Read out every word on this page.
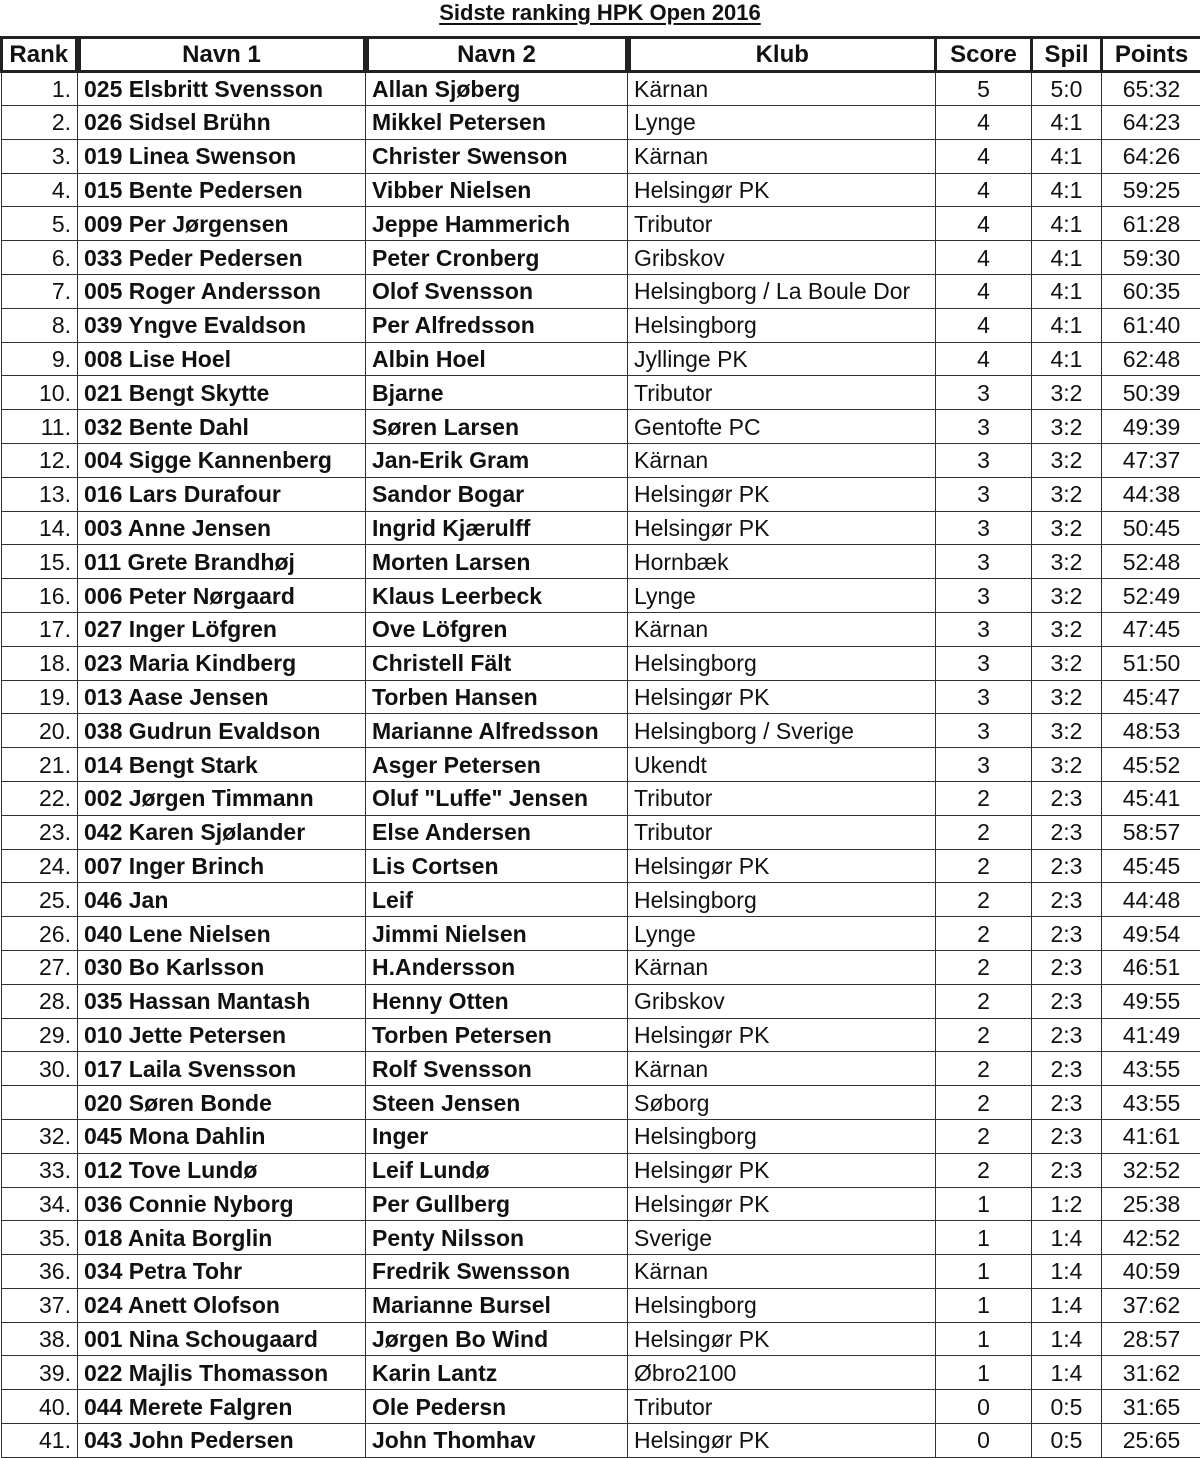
Sidste ranking HPK Open 2016
Rank	Navn 1	Navn 2	Klub	Score	Spil	Points
1.	025 Elsbritt Svensson	Allan Sjøberg	Kärnan	5	5:0	65:32
2.	026 Sidsel Brühn	Mikkel Petersen	Lynge	4	4:1	64:23
3.	019 Linea Swenson	Christer Swenson	Kärnan	4	4:1	64:26
4.	015 Bente Pedersen	Vibber Nielsen	Helsingør PK	4	4:1	59:25
5.	009 Per Jørgensen	Jeppe Hammerich	Tributor	4	4:1	61:28
6.	033 Peder Pedersen	Peter Cronberg	Gribskov	4	4:1	59:30
7.	005 Roger Andersson	Olof Svensson	Helsingborg / La Boule Dor	4	4:1	60:35
8.	039 Yngve Evaldson	Per Alfredsson	Helsingborg	4	4:1	61:40
9.	008 Lise Hoel	Albin Hoel	Jyllinge PK	4	4:1	62:48
10.	021 Bengt Skytte	Bjarne	Tributor	3	3:2	50:39
11.	032 Bente Dahl	Søren Larsen	Gentofte PC	3	3:2	49:39
12.	004 Sigge Kannenberg	Jan-Erik Gram	Kärnan	3	3:2	47:37
13.	016 Lars Durafour	Sandor Bogar	Helsingør PK	3	3:2	44:38
14.	003 Anne Jensen	Ingrid Kjærulff	Helsingør PK	3	3:2	50:45
15.	011 Grete Brandhøj	Morten Larsen	Hornbæk	3	3:2	52:48
16.	006 Peter Nørgaard	Klaus Leerbeck	Lynge	3	3:2	52:49
17.	027 Inger Löfgren	Ove Löfgren	Kärnan	3	3:2	47:45
18.	023 Maria Kindberg	Christell Fält	Helsingborg	3	3:2	51:50
19.	013 Aase Jensen	Torben Hansen	Helsingør PK	3	3:2	45:47
20.	038 Gudrun Evaldson	Marianne Alfredsson	Helsingborg / Sverige	3	3:2	48:53
21.	014 Bengt Stark	Asger Petersen	Ukendt	3	3:2	45:52
22.	002 Jørgen Timmann	Oluf "Luffe" Jensen	Tributor	2	2:3	45:41
23.	042 Karen Sjølander	Else Andersen	Tributor	2	2:3	58:57
24.	007 Inger Brinch	Lis Cortsen	Helsingør PK	2	2:3	45:45
25.	046 Jan	Leif	Helsingborg	2	2:3	44:48
26.	040 Lene Nielsen	Jimmi Nielsen	Lynge	2	2:3	49:54
27.	030 Bo Karlsson	H.Andersson	Kärnan	2	2:3	46:51
28.	035 Hassan Mantash	Henny Otten	Gribskov	2	2:3	49:55
29.	010 Jette Petersen	Torben Petersen	Helsingør PK	2	2:3	41:49
30.	017 Laila Svensson	Rolf Svensson	Kärnan	2	2:3	43:55
	020 Søren Bonde	Steen Jensen	Søborg	2	2:3	43:55
32.	045 Mona Dahlin	Inger	Helsingborg	2	2:3	41:61
33.	012 Tove Lundø	Leif Lundø	Helsingør PK	2	2:3	32:52
34.	036 Connie Nyborg	Per Gullberg	Helsingør PK	1	1:2	25:38
35.	018 Anita Borglin	Penty Nilsson	Sverige	1	1:4	42:52
36.	034 Petra Tohr	Fredrik Swensson	Kärnan	1	1:4	40:59
37.	024 Anett Olofson	Marianne Bursel	Helsingborg	1	1:4	37:62
38.	001 Nina Schougaard	Jørgen Bo Wind	Helsingør PK	1	1:4	28:57
39.	022 Majlis Thomasson	Karin Lantz	Øbro2100	1	1:4	31:62
40.	044 Merete Falgren	Ole Pedersn	Tributor	0	0:5	31:65
41.	043 John Pedersen	John Thomhav	Helsingør PK	0	0:5	25:65
